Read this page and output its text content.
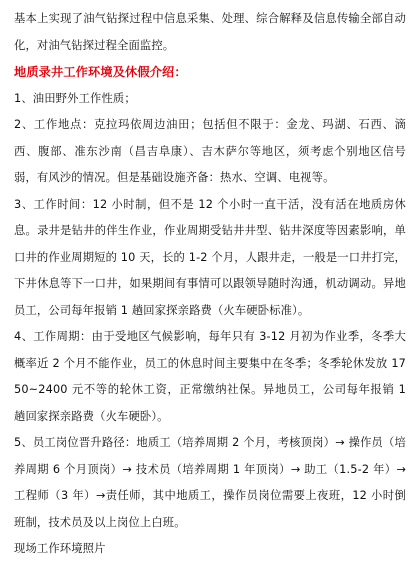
基本上实现了油气钻探过程中信息采集、处理、综合解释及信息传输全部自动化，对油气钻探过程全面监控。

地质录井工作环境及休假介绍：

1、油田野外工作性质；

2、工作地点：克拉玛依周边油田；包括但不限于：金龙、玛湖、石西、滴西、腹部、准东沙南（昌吉阜康）、吉木萨尔等地区，须考虑个别地区信号弱，有风沙的情况。但是基础设施齐备：热水、空调、电视等。

3、工作时间：12 小时制，但不是 12 个小时一直干活，没有活在地质房休息。录井是钻井的伴生作业，作业周期受钻井井型、钻井深度等因素影响，单口井的作业周期短的 10 天，长的 1-2 个月，人跟井走，一般是一口井打完，下井休息等下一口井，如果期间有事情可以跟领导随时沟通，机动调动。异地员工，公司每年报销 1 趟回家探亲路费（火车硬卧标准）。

4、工作周期：由于受地区气候影响，每年只有 3-12 月初为作业季，冬季大概率近 2 个月不能作业，员工的休息时间主要集中在冬季；冬季轮休发放 1750~2400 元不等的轮休工资，正常缴纳社保。异地员工，公司每年报销 1 趟回家探亲路费（火车硬卧）。

5、员工岗位晋升路径：地质工（培养周期 2 个月，考核顶岗）→ 操作员（培养周期 6 个月顶岗）→ 技术员（培养周期 1 年顶岗）→ 助工（1.5-2 年）→ 工程师（3 年）→责任师，其中地质工，操作员岗位需要上夜班，12 小时倒班制，技术员及以上岗位上白班。

现场工作环境照片
